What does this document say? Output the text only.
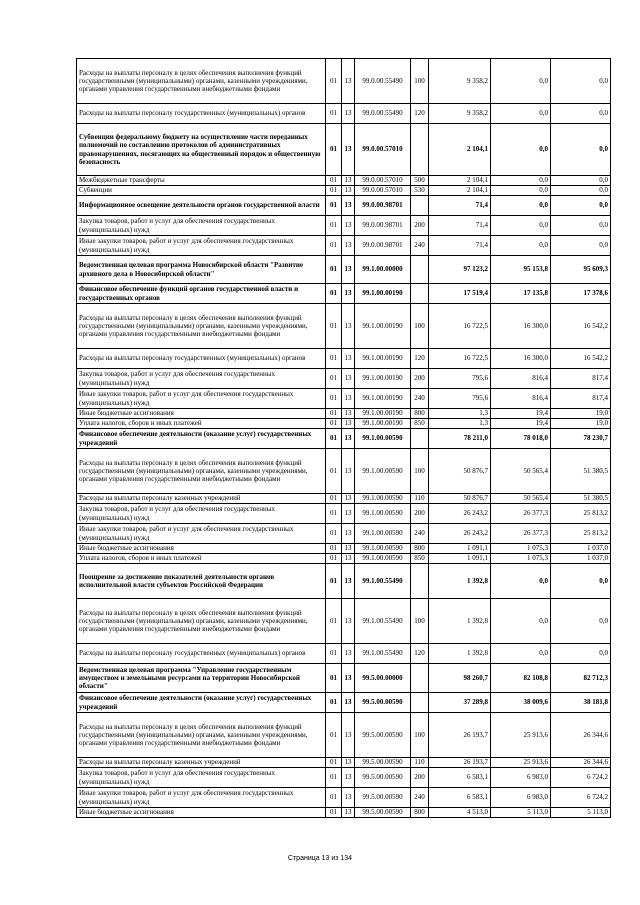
Расходы на выплаты персоналу в целях обеспечения выполнения функций государственными (муниципальными) органами, казенными учреждениями, органами управления государственными внебюджетными фондами	01	13	99.0.00.55490	100	9 358,2	0,0	0,0
Расходы на выплаты персоналу государственных (муниципальных) органов	01	13	99.0.00.55490	120	9 358,2	0,0	0,0
Субвенции федеральному бюджету на осуществление части переданных полномочий по составлению протоколов об административных правонарушениях, посягающих на общественный порядок и общественную безопасность	01	13	99.0.00.57010		2 104,1	0,0	0,0
Межбюджетные трансферты	01	13	99.0.00.57010	500	2 104,1	0,0	0,0
Субвенции	01	13	99.0.00.57010	530	2 104,1	0,0	0,0
Информационное освещение деятельности органов государственной власти	01	13	99.0.00.98701		71,4	0,0	0,0
Закупка товаров, работ и услуг для обеспечения государственных (муниципальных) нужд	01	13	99.0.00.98701	200	71,4	0,0	0,0
Иные закупки товаров, работ и услуг для обеспечения государственных (муниципальных) нужд	01	13	99.0.00.98701	240	71,4	0,0	0,0
Ведомственная целевая программа Новосибирской области "Развитие архивного дела в Новосибирской области"	01	13	99.1.00.00000		97 123,2	95 153,8	95 609,3
Финансовое обеспечение функций органов государственной власти и государственных органов	01	13	99.1.00.00190		17 519,4	17 135,8	17 378,6
Расходы на выплаты персоналу в целях обеспечения выполнения функций государственными (муниципальными) органами, казенными учреждениями, органами управления государственными внебюджетными фондами	01	13	99.1.00.00190	100	16 722,5	16 300,0	16 542,2
Расходы на выплаты персоналу государственных (муниципальных) органов	01	13	99.1.00.00190	120	16 722,5	16 300,0	16 542,2
Закупка товаров, работ и услуг для обеспечения государственных (муниципальных) нужд	01	13	99.1.00.00190	200	795,6	816,4	817,4
Иные закупки товаров, работ и услуг для обеспечения государственных (муниципальных) нужд	01	13	99.1.00.00190	240	795,6	816,4	817,4
Иные бюджетные ассигнования	01	13	99.1.00.00190	800	1,3	19,4	19,0
Уплата налогов, сборов и иных платежей	01	13	99.1.00.00190	850	1,3	19,4	19,0
Финансовое обеспечение деятельности (оказание услуг) государственных учреждений	01	13	99.1.00.00590		78 211,0	78 018,0	78 230,7
Расходы на выплаты персоналу в целях обеспечения выполнения функций государственными (муниципальными) органами, казенными учреждениями, органами управления государственными внебюджетными фондами	01	13	99.1.00.00590	100	50 876,7	50 565,4	51 380,5
Расходы на выплаты персоналу казенных учреждений	01	13	99.1.00.00590	110	50 876,7	50 565,4	51 380,5
Закупка товаров, работ и услуг для обеспечения государственных (муниципальных) нужд	01	13	99.1.00.00590	200	26 243,2	26 377,3	25 813,2
Иные закупки товаров, работ и услуг для обеспечения государственных (муниципальных) нужд	01	13	99.1.00.00590	240	26 243,2	26 377,3	25 813,2
Иные бюджетные ассигнования	01	13	99.1.00.00590	800	1 091,1	1 075,3	1 037,0
Уплата налогов, сборов и иных платежей	01	13	99.1.00.00590	850	1 091,1	1 075,3	1 037,0
Поощрение за достижение показателей деятельности органов исполнительной власти субъектов Российской Федерации	01	13	99.1.00.55490		1 392,8	0,0	0,0
Расходы на выплаты персоналу в целях обеспечения выполнения функций государственными (муниципальными) органами, казенными учреждениями, органами управления государственными внебюджетными фондами	01	13	99.1.00.55490	100	1 392,8	0,0	0,0
Расходы на выплаты персоналу государственных (муниципальных) органов	01	13	99.1.00.55490	120	1 392,8	0,0	0,0
Ведомственная целевая программа "Управление государственным имуществом и земельными ресурсами на территории Новосибирской области"	01	13	99.5.00.00000		98 260,7	82 108,8	82 712,3
Финансовое обеспечение деятельности (оказание услуг) государственных учреждений	01	13	99.5.00.00590		37 289,8	38 009,6	38 181,8
Расходы на выплаты персоналу в целях обеспечения выполнения функций государственными (муниципальными) органами, казенными учреждениями, органами управления государственными внебюджетными фондами	01	13	99.5.00.00590	100	26 193,7	25 913,6	26 344,6
Расходы на выплаты персоналу казенных учреждений	01	13	99.5.00.00590	110	26 193,7	25 913,6	26 344,6
Закупка товаров, работ и услуг для обеспечения государственных (муниципальных) нужд	01	13	99.5.00.00590	200	6 583,1	6 983,0	6 724,2
Иные закупки товаров, работ и услуг для обеспечения государственных (муниципальных) нужд	01	13	99.5.00.00590	240	6 583,1	6 983,0	6 724,2
Иные бюджетные ассигнования	01	13	99.5.00.00590	800	4 513,0	5 113,0	5 113,0
Страница 13 из 134
